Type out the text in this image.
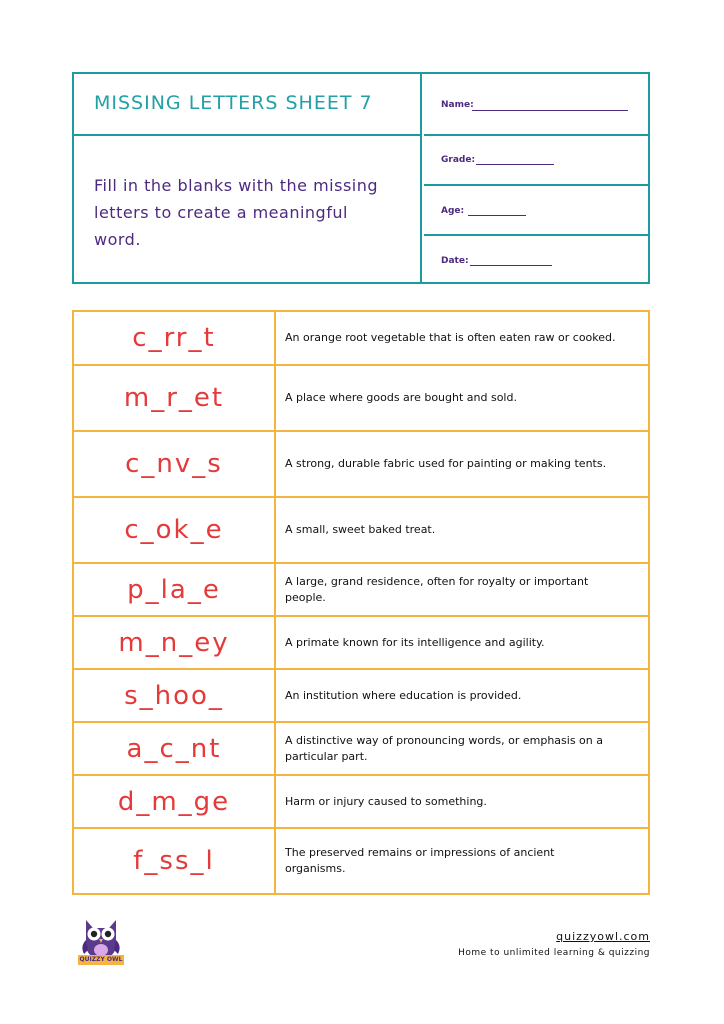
MISSING LETTERS SHEET 7
Fill in the blanks with the missing letters to create a meaningful word.
Name:
Grade:
Age:
Date:
c_rr_t	An orange root vegetable that is often eaten raw or cooked.
m_r_et	A place where goods are bought and sold.
c_nv_s	A strong, durable fabric used for painting or making tents.
c_ok_e	A small, sweet baked treat.
p_la_e	A large, grand residence, often for royalty or important people.
m_n_ey	A primate known for its intelligence and agility.
s_hoo_	An institution where education is provided.
a_c_nt	A distinctive way of pronouncing words, or emphasis on a particular part.
d_m_ge	Harm or injury caused to something.
f_ss_l	The preserved remains or impressions of ancient organisms.
QUIZZY OWL
quizzyowl.com
Home to unlimited learning & quizzing
